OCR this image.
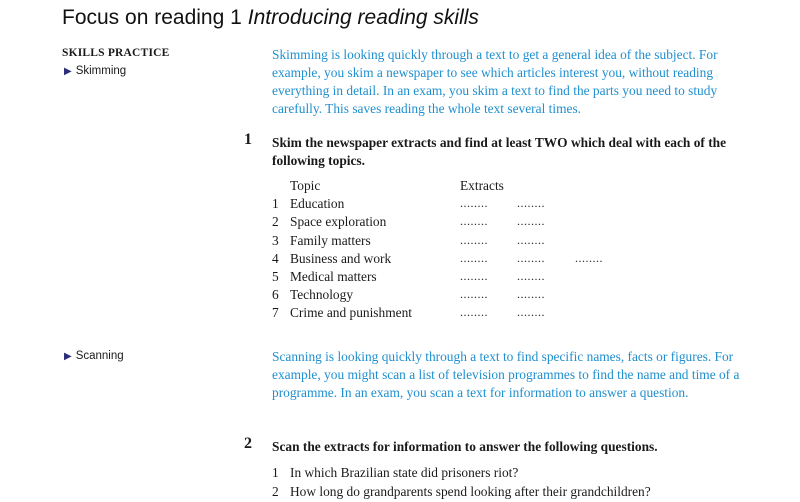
Focus on reading 1 Introducing reading skills
SKILLS PRACTICE
▶ Skimming
Skimming is looking quickly through a text to get a general idea of the subject. For example, you skim a newspaper to see which articles interest you, without reading everything in detail. In an exam, you skim a text to find the parts you need to study carefully. This saves reading the whole text several times.
1 Skim the newspaper extracts and find at least TWO which deal with each of the following topics.
Topic	Extracts
1 Education	........ ........
2 Space exploration	........ ........
3 Family matters	........ ........
4 Business and work	........ ........	........
5 Medical matters	........ ........
6 Technology	........ ........
7 Crime and punishment	........ ........
▶ Scanning	Scanning is looking quickly through a text to find specific names, facts or figures. For example, you might scan a list of television programmes to find the name and time of a programme. In an exam, you scan a text for information to answer a question.
2 Scan the extracts for information to answer the following questions.
1 In which Brazilian state did prisoners riot?
2 How long do grandparents spend looking after their grandchildren?
